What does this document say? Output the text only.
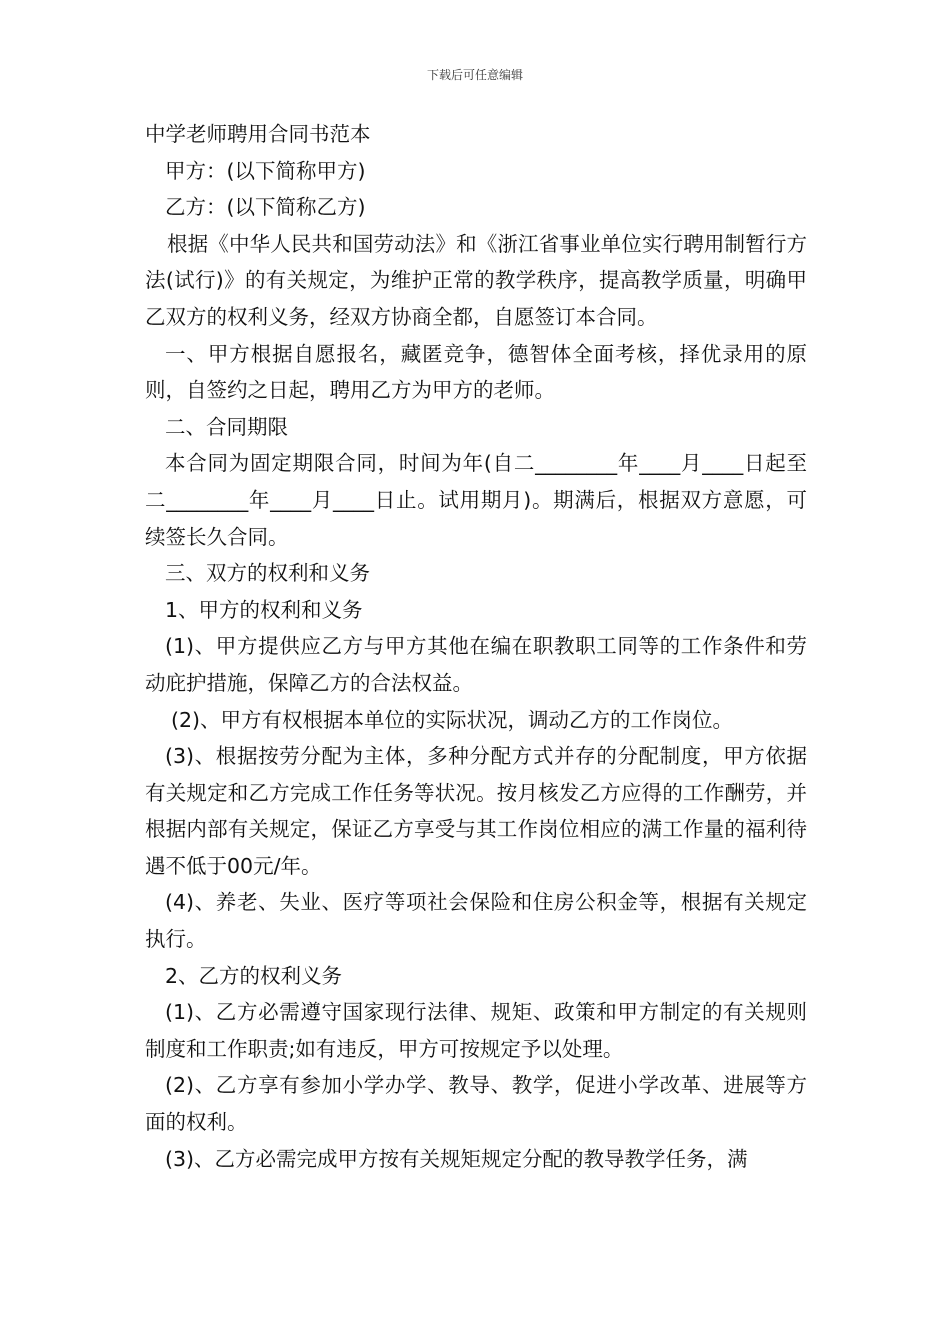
下载后可任意编辑

中学老师聘用合同书范本

甲方：(以下简称甲方)

乙方：(以下简称乙方)

根据《中华人民共和国劳动法》和《浙江省事业单位实行聘用制暂行方法(试行)》的有关规定，为维护正常的教学秩序，提高教学质量，明确甲乙双方的权利义务，经双方协商全都，自愿签订本合同。

一、甲方根据自愿报名，藏匿竞争，德智体全面考核，择优录用的原则，自签约之日起，聘用乙方为甲方的老师。

二、合同期限

本合同为固定期限合同，时间为年(自二________年____月____日起至二________年____月____日止。试用期月)。期满后，根据双方意愿，可续签长久合同。

三、双方的权利和义务

1、甲方的权利和义务

(1)、甲方提供应乙方与甲方其他在编在职教职工同等的工作条件和劳动庇护措施，保障乙方的合法权益。

(2)、甲方有权根据本单位的实际状况，调动乙方的工作岗位。

(3)、根据按劳分配为主体，多种分配方式并存的分配制度，甲方依据有关规定和乙方完成工作任务等状况。按月核发乙方应得的工作酬劳，并根据内部有关规定，保证乙方享受与其工作岗位相应的满工作量的福利待遇不低于00元/年。

(4)、养老、失业、医疗等项社会保险和住房公积金等，根据有关规定执行。

2、乙方的权利义务

(1)、乙方必需遵守国家现行法律、规矩、政策和甲方制定的有关规则制度和工作职责;如有违反，甲方可按规定予以处理。

(2)、乙方享有参加小学办学、教导、教学，促进小学改革、进展等方面的权利。

(3)、乙方必需完成甲方按有关规矩规定分配的教导教学任务，满
